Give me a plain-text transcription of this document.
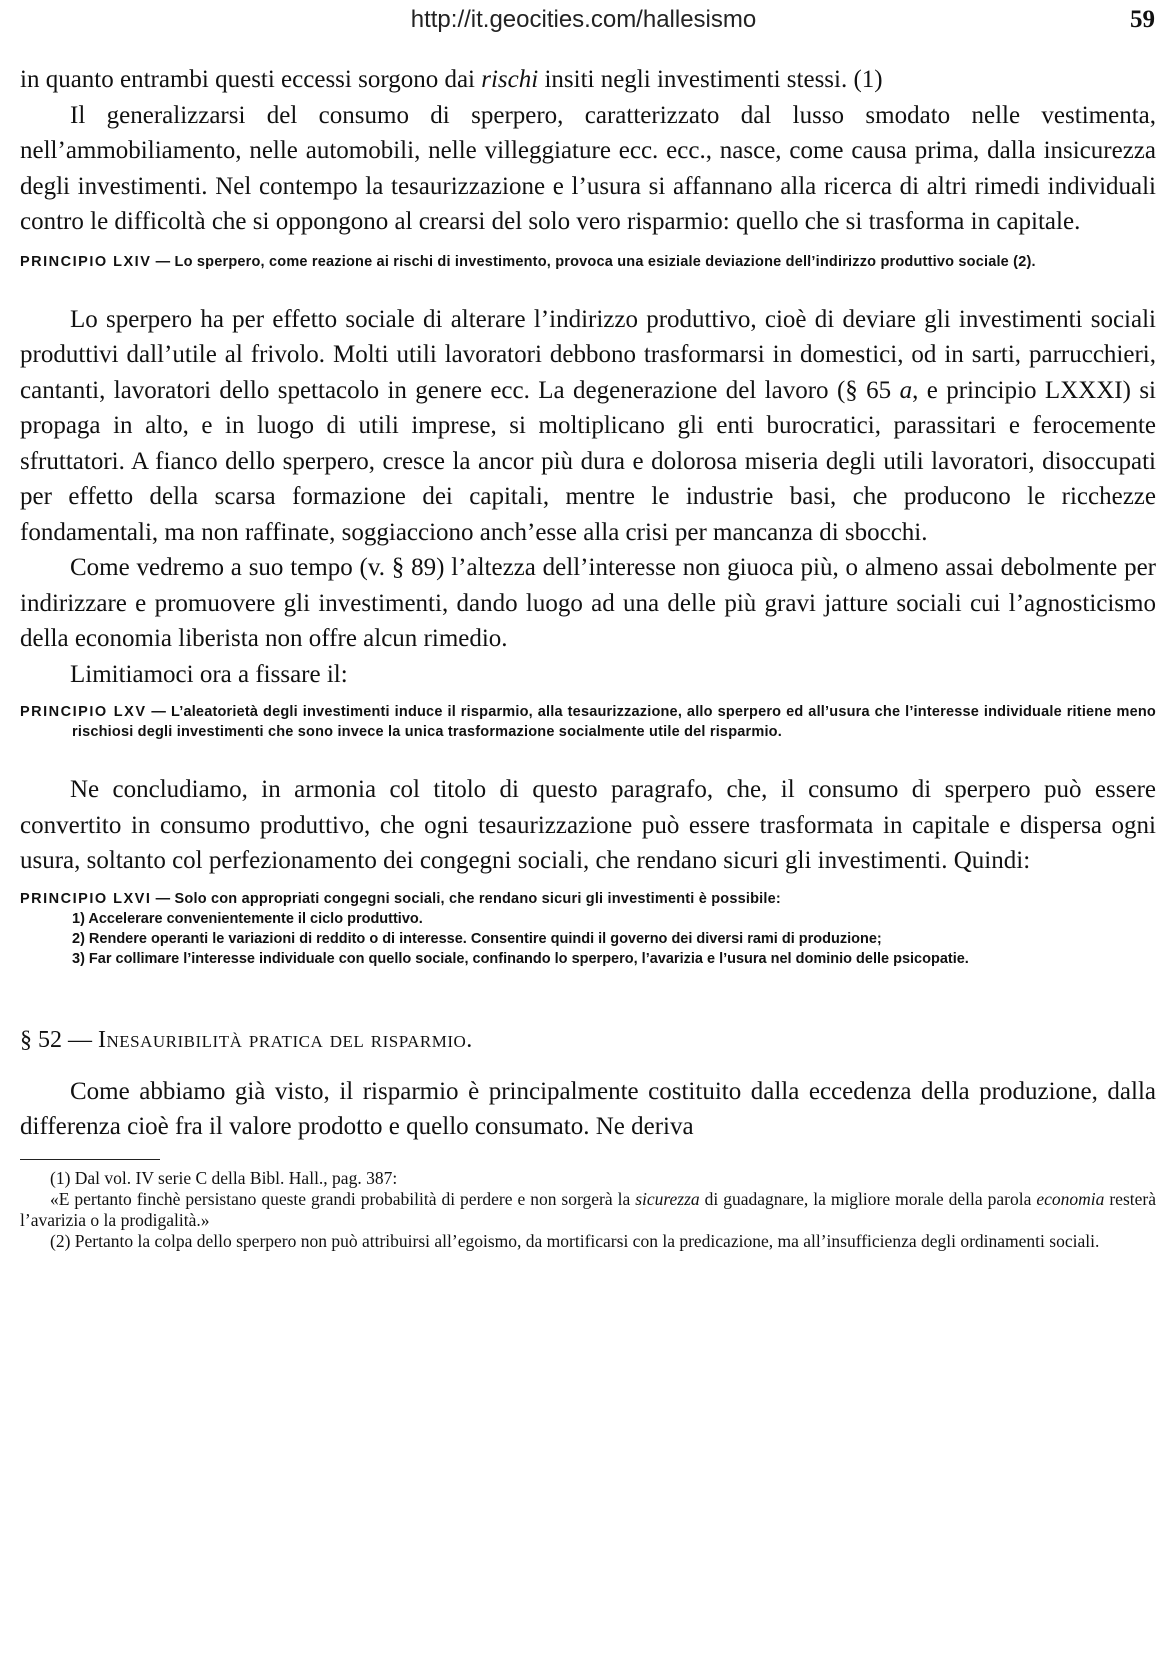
http://it.geocities.com/hallesismo	59

in quanto entrambi questi eccessi sorgono dai rischi insiti negli investimenti stessi. (1)

Il generalizzarsi del consumo di sperpero, caratterizzato dal lusso smodato nelle vestimenta, nell’ammobiliamento, nelle automobili, nelle villeggiature ecc. ecc., nasce, come causa prima, dalla insicurezza degli investimenti. Nel contempo la tesaurizzazione e l’usura si affannano alla ricerca di altri rimedi individuali contro le difficoltà che si oppongono al crearsi del solo vero risparmio: quello che si trasforma in capitale.

PRINCIPIO LXIV — Lo sperpero, come reazione ai rischi di investimento, provoca una esiziale deviazione dell’indirizzo produttivo sociale (2).

Lo sperpero ha per effetto sociale di alterare l’indirizzo produttivo, cioè di deviare gli investimenti sociali produttivi dall’utile al frivolo. Molti utili lavoratori debbono trasformarsi in domestici, od in sarti, parrucchieri, cantanti, lavoratori dello spettacolo in genere ecc. La degenerazione del lavoro (§ 65 a, e principio LXXXI) si propaga in alto, e in luogo di utili imprese, si moltiplicano gli enti burocratici, parassitari e ferocemente sfruttatori. A fianco dello sperpero, cresce la ancor più dura e dolorosa miseria degli utili lavoratori, disoccupati per effetto della scarsa formazione dei capitali, mentre le industrie basi, che producono le ricchezze fondamentali, ma non raffinate, soggiacciono anch’esse alla crisi per mancanza di sbocchi.

Come vedremo a suo tempo (v. § 89) l’altezza dell’interesse non giuoca più, o almeno assai debolmente per indirizzare e promuovere gli investimenti, dando luogo ad una delle più gravi jatture sociali cui l’agnosticismo della economia liberista non offre alcun rimedio.

Limitiamoci ora a fissare il:

PRINCIPIO LXV — L’aleatorietà degli investimenti induce il risparmio, alla tesaurizzazione, allo sperpero ed all’usura che l’interesse individuale ritiene meno rischiosi degli investimenti che sono invece la unica trasformazione socialmente utile del risparmio.

Ne concludiamo, in armonia col titolo di questo paragrafo, che, il consumo di sperpero può essere convertito in consumo produttivo, che ogni tesaurizzazione può essere trasformata in capitale e dispersa ogni usura, soltanto col perfezionamento dei congegni sociali, che rendano sicuri gli investimenti. Quindi:

PRINCIPIO LXVI — Solo con appropriati congegni sociali, che rendano sicuri gli investimenti è possibile:

1) Accelerare convenientemente il ciclo produttivo.
2) Rendere operanti le variazioni di reddito o di interesse. Consentire quindi il governo dei diversi rami di produzione;
3) Far collimare l’interesse individuale con quello sociale, confinando lo sperpero, l’avarizia e l’usura nel dominio delle psicopatie.

§ 52 — Inesauribilità pratica del risparmio.

Come abbiamo già visto, il risparmio è principalmente costituito dalla eccedenza della produzione, dalla differenza cioè fra il valore prodotto e quello consumato. Ne deriva

(1) Dal vol. IV serie C della Bibl. Hall., pag. 387:

«E pertanto finchè persistano queste grandi probabilità di perdere e non sorgerà la sicurezza di guadagnare, la migliore morale della parola economia resterà l’avarizia o la prodigalità.»

(2) Pertanto la colpa dello sperpero non può attribuirsi all’egoismo, da mortificarsi con la predicazione, ma all’insufficienza degli ordinamenti sociali.
